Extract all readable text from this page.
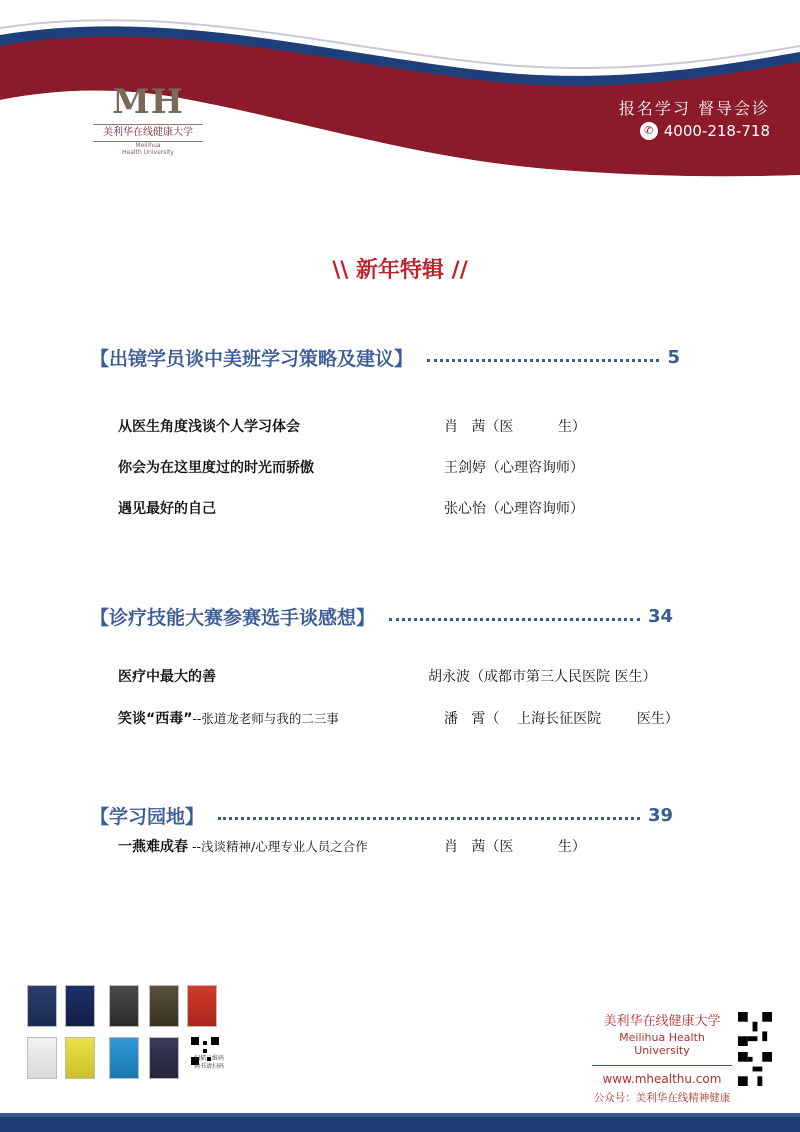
MH
美利华在线健康大学
Meilihua
Health University
报名学习 督导会诊
✆ 4000-218-718
\\ 新年特辑 //
【出镜学员谈中美班学习策略及建议】	5
从医生角度浅谈个人学习体会	肖   茜（医          生）
你会为在这里度过的时光而骄傲	王剑婷（心理咨询师）
遇见最好的自己	张心怡（心理咨询师）
【诊疗技能大赛参赛选手谈感想】	34
医疗中最大的善	胡永波（成都市第三人民医院 医生）
笑谈“西毒”--张道龙老师与我的二三事	潘   霄（    上海长征医院        医生）
【学习园地】	39
一燕难成春 --浅谈精神/心理专业人员之合作	肖   茜（医          生）
扫描二维码
购书请扫码
美利华在线健康大学
Meilihua Health University
www.mhealthu.com
公众号：美利华在线精神健康
